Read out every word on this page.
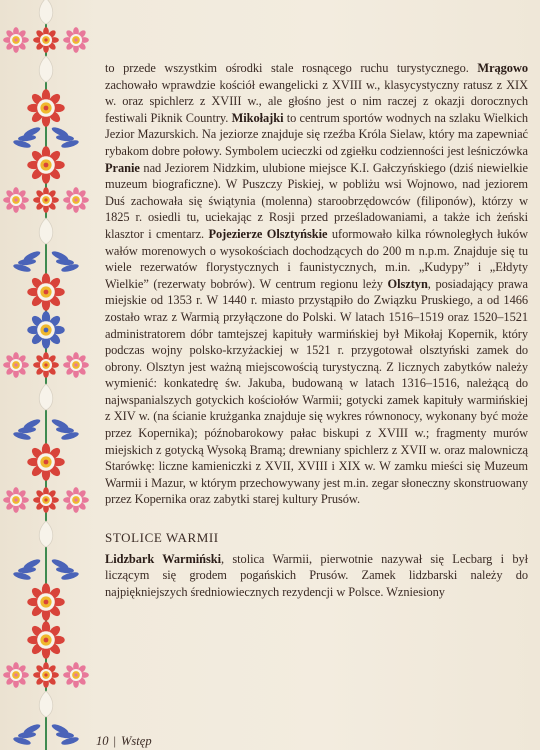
to przede wszystkim ośrodki stale rosnącego ruchu turystycznego. Mrągowo zachowało wprawdzie kościół ewangelicki z XVIII w., klasycystyczny ratusz z XIX w. oraz spichlerz z XVIII w., ale głośno jest o nim raczej z okazji dorocznych festiwali Piknik Country. Mikołajki to centrum sportów wodnych na szlaku Wielkich Jezior Mazurskich. Na jeziorze znajduje się rzeźba Króla Sielaw, który ma zapewniać rybakom dobre połowy. Symbolem ucieczki od zgiełku codzienności jest leśniczówka Pranie nad Jeziorem Nidzkim, ulubione miejsce K.I. Gałczyńskiego (dziś niewielkie muzeum biograficzne). W Puszczy Piskiej, w pobliżu wsi Wojnowo, nad jeziorem Duś zachowała się świątynia (molenna) staroobrzędowców (filiponów), którzy w 1825 r. osiedli tu, uciekając z Rosji przed prześladowaniami, a także ich żeński klasztor i cmentarz. Pojezierze Olsztyńskie uformowało kilka równoległych łuków wałów morenowych o wysokościach dochodzących do 200 m n.p.m. Znajduje się tu wiele rezerwatów florystycznych i faunistycznych, m.in. „Kudypy” i „Ełdyty Wielkie” (rezerwaty bobrów). W centrum regionu leży Olsztyn, posiadający prawa miejskie od 1353 r. W 1440 r. miasto przystąpiło do Związku Pruskiego, a od 1466 zostało wraz z Warmią przyłączone do Polski. W latach 1516–1519 oraz 1520–1521 administratorem dóbr tamtejszej kapituły warmińskiej był Mikołaj Kopernik, który podczas wojny polsko-krzyżackiej w 1521 r. przygotował olsztyński zamek do obrony. Olsztyn jest ważną miejscowością turystyczną. Z licznych zabytków należy wymienić: konkatedrę św. Jakuba, budowaną w latach 1316–1516, należącą do najwspanialszych gotyckich kościołów Warmii; gotycki zamek kapituły warmińskiej z XIV w. (na ścianie krużganka znajduje się wykres równonocy, wykonany być może przez Kopernika); późnobarokowy pałac biskupi z XVIII w.; fragmenty murów miejskich z gotycką Wysoką Bramą; drewniany spichlerz z XVII w. oraz malowniczą Starówkę: liczne kamieniczki z XVII, XVIII i XIX w. W zamku mieści się Muzeum Warmii i Mazur, w którym przechowywany jest m.in. zegar słoneczny skonstruowany przez Kopernika oraz zabytki starej kultury Prusów.

STOLICE WARMII

Lidzbark Warmiński, stolica Warmii, pierwotnie nazywał się Lecbarg i był liczącym się grodem pogańskich Prusów. Zamek lidzbarski należy do najpiękniejszych średniowiecznych rezydencji w Polsce. Wzniesiony

10 | Wstęp
